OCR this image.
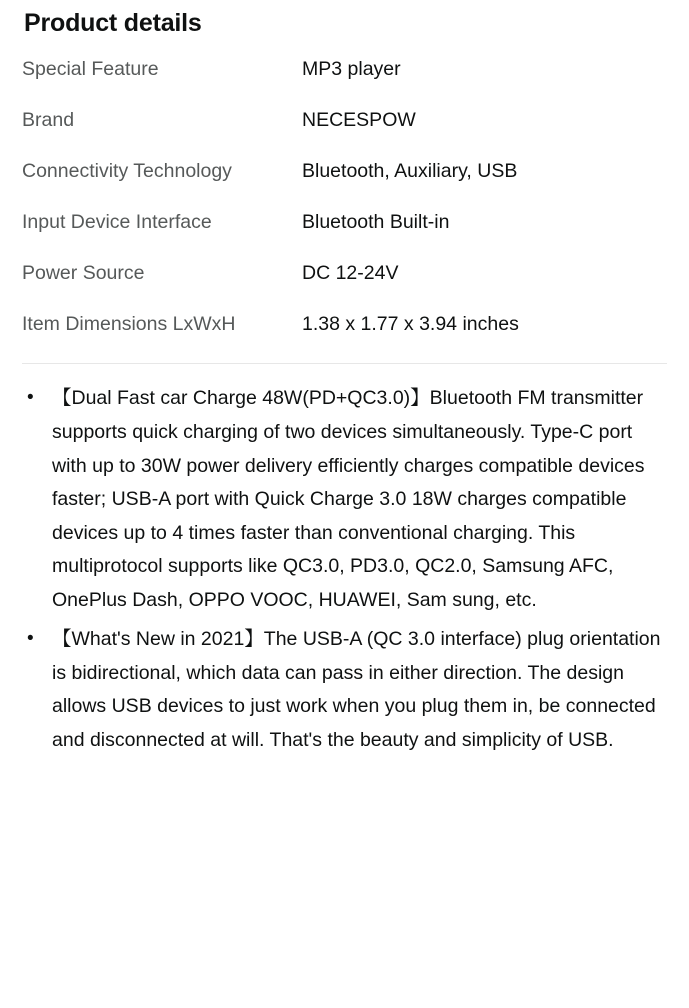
Product details
Special Feature	MP3 player
Brand	NECESPOW
Connectivity Technology	Bluetooth, Auxiliary, USB
Input Device Interface	Bluetooth Built-in
Power Source	DC 12-24V
Item Dimensions LxWxH	1.38 x 1.77 x 3.94 inches
• 【Dual Fast car Charge 48W(PD+QC3.0)】Bluetooth FM transmitter supports quick charging of two devices simultaneously. Type-C port with up to 30W power delivery efficiently charges compatible devices faster; USB-A port with Quick Charge 3.0 18W charges compatible devices up to 4 times faster than conventional charging. This multiprotocol supports like QC3.0, PD3.0, QC2.0, Samsung AFC, OnePlus Dash, OPPO VOOC, HUAWEI, Sam sung, etc.
• 【What's New in 2021】The USB-A (QC 3.0 interface) plug orientation is bidirectional, which data can pass in either direction. The design allows USB devices to just work when you plug them in, be connected and disconnected at will. That's the beauty and simplicity of USB.
